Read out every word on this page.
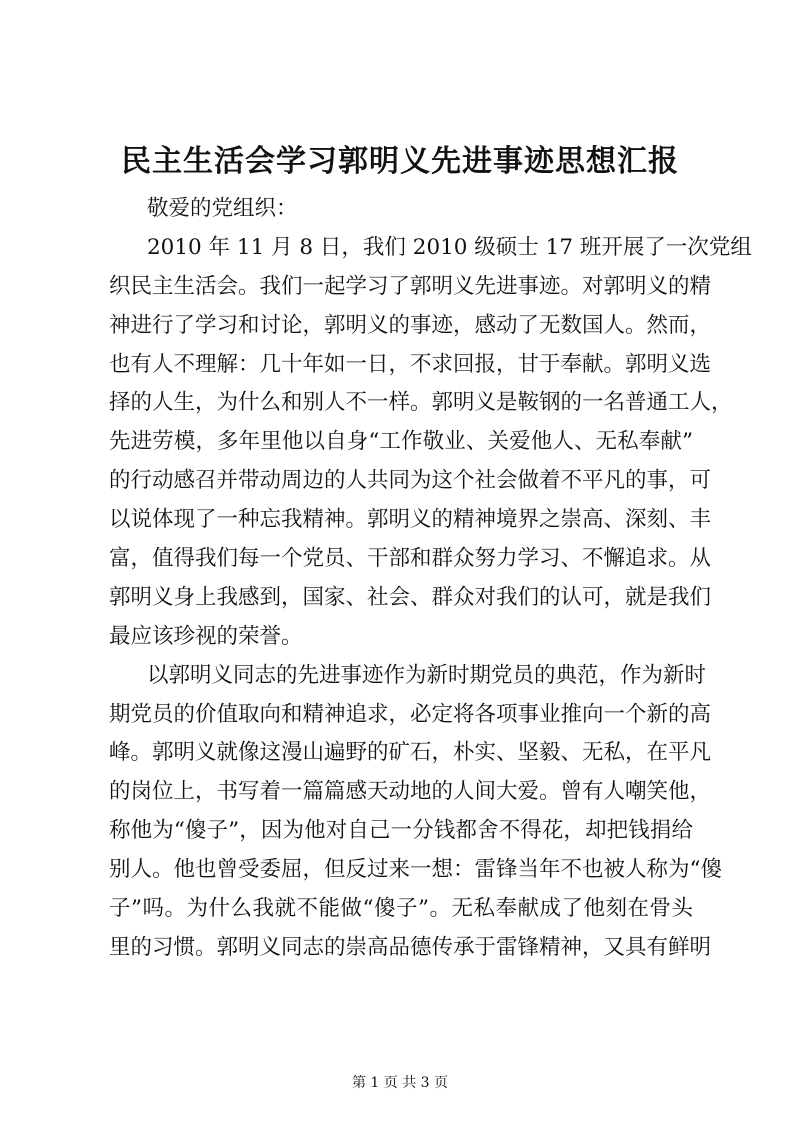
民主生活会学习郭明义先进事迹思想汇报
敬爱的党组织：
2010 年 11 月 8 日，我们 2010 级硕士 17 班开展了一次党组
织民主生活会。我们一起学习了郭明义先进事迹。对郭明义的精
神进行了学习和讨论，郭明义的事迹，感动了无数国人。然而，
也有人不理解：几十年如一日，不求回报，甘于奉献。郭明义选
择的人生，为什么和别人不一样。郭明义是鞍钢的一名普通工人，
先进劳模，多年里他以自身“工作敬业、关爱他人、无私奉献”
的行动感召并带动周边的人共同为这个社会做着不平凡的事，可
以说体现了一种忘我精神。郭明义的精神境界之崇高、深刻、丰
富，值得我们每一个党员、干部和群众努力学习、不懈追求。从
郭明义身上我感到，国家、社会、群众对我们的认可，就是我们
最应该珍视的荣誉。
以郭明义同志的先进事迹作为新时期党员的典范，作为新时
期党员的价值取向和精神追求，必定将各项事业推向一个新的高
峰。郭明义就像这漫山遍野的矿石，朴实、坚毅、无私，在平凡
的岗位上，书写着一篇篇感天动地的人间大爱。曾有人嘲笑他，
称他为“傻子”，因为他对自己一分钱都舍不得花，却把钱捐给
别人。他也曾受委屈，但反过来一想：雷锋当年不也被人称为“傻
子”吗。为什么我就不能做“傻子”。无私奉献成了他刻在骨头
里的习惯。郭明义同志的崇高品德传承于雷锋精神，又具有鲜明
第 1 页 共 3 页
